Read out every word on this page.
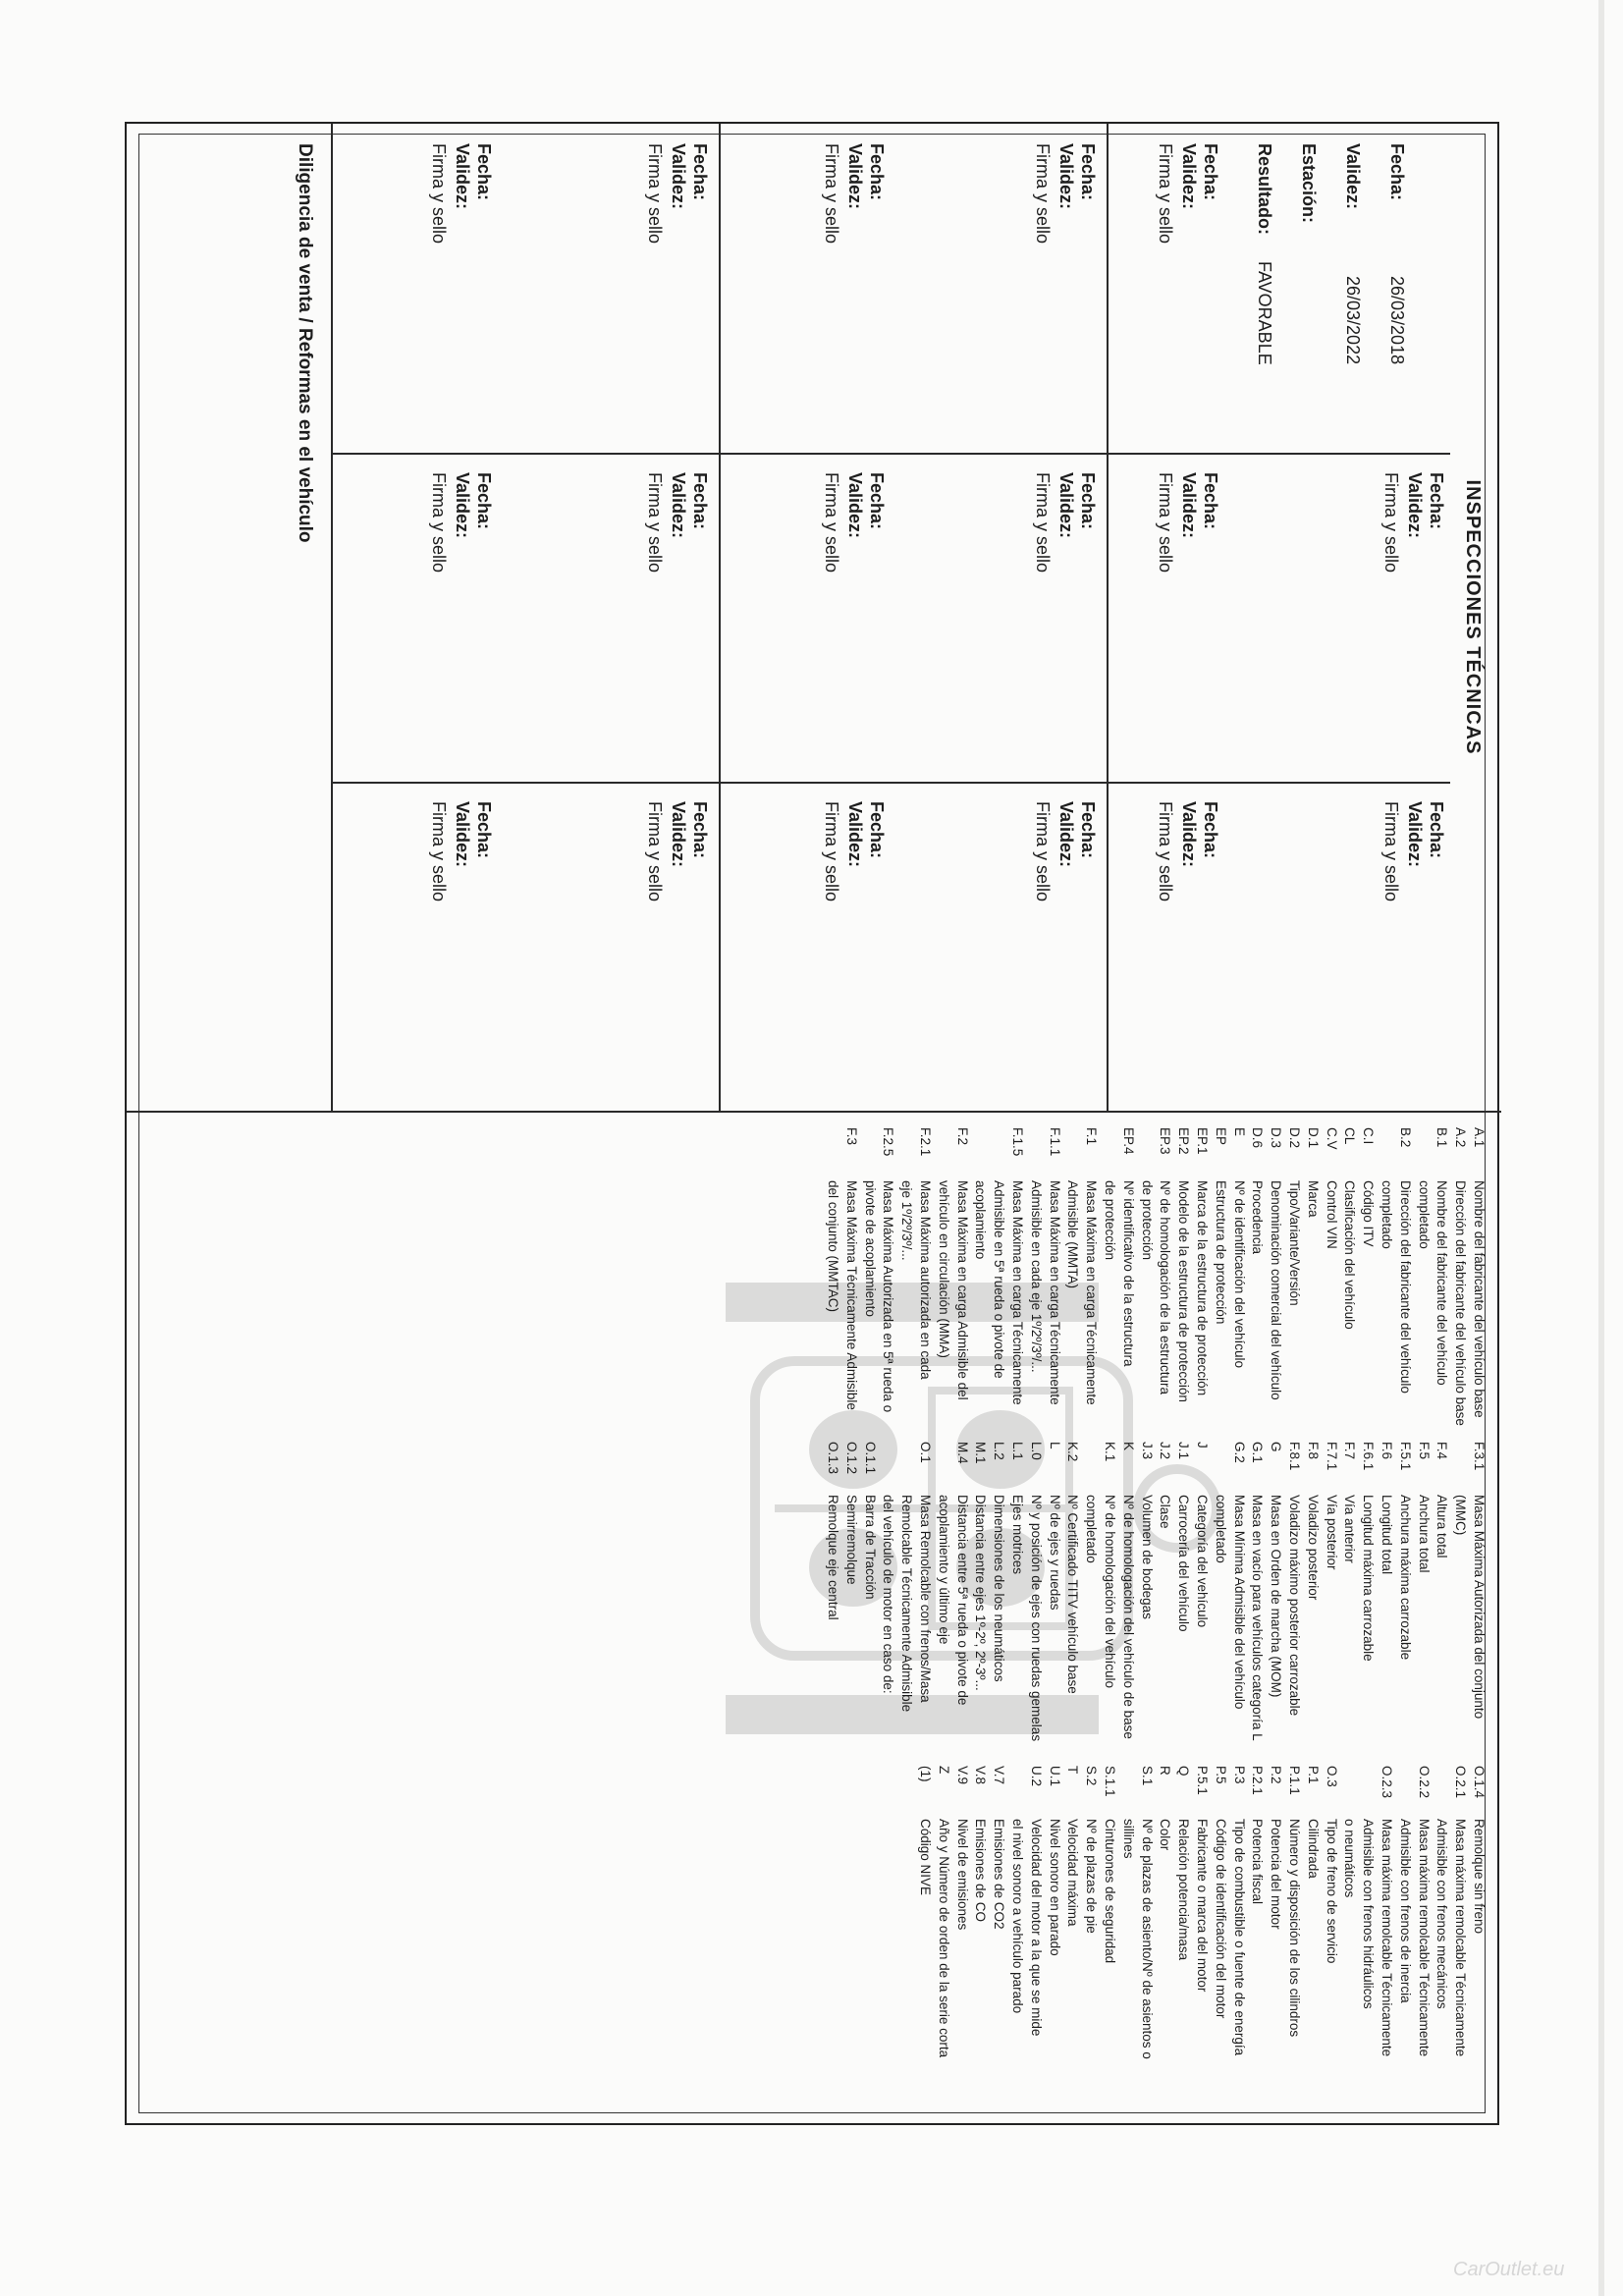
INSPECCIONES TÉCNICAS
Fecha:
26/03/2018
Validez:
26/03/2022
Estación:
Resultado:
FAVORABLE
Fecha:
Validez:
Firma y sello
Fecha:
Validez:
Firma y sello
Fecha:
Validez:
Firma y sello
Fecha:
Validez:
Firma y sello
Fecha:
Validez:
Firma y sello
Fecha:
Validez:
Firma y sello
Fecha:
Validez:
Firma y sello
Fecha:
Validez:
Firma y sello
Fecha:
Validez:
Firma y sello
Fecha:
Validez:
Firma y sello
Fecha:
Validez:
Firma y sello
Fecha:
Validez:
Firma y sello
Fecha:
Validez:
Firma y sello
Fecha:
Validez:
Firma y sello
Fecha:
Validez:
Firma y sello
Fecha:
Validez:
Firma y sello
Fecha:
Validez:
Firma y sello
Diligencia de venta / Reformas en el vehículo
A.1
Nombre del fabricante del vehículo base
A.2
Dirección del fabricante del vehículo base
B.1
Nombre del fabricante del vehículo
completado
B.2
Dirección del fabricante del vehículo
completado
C.I
Código ITV
CL
Clasificación del vehículo
C.V
Control VIN
D.1
Marca
D.2
Tipo/Variante/Versión
D.3
Denominación comercial del vehículo
D.6
Procedencia
E
Nº de identificación del vehículo
EP
Estructura de protección
EP.1
Marca de la estructura de protección
EP.2
Modelo de la estructura de protección
EP.3
Nº de homologación de la estructura
de protección
EP.4
Nº identificativo de la estructura
de protección
F.1
Masa Máxima en carga Técnicamente
Admisible (MMTA)
F.1.1
Masa Máxima en carga Técnicamente
Admisible en cada eje 1º/2º/3º/...
F.1.5
Masa Máxima en carga Técnicamente
Admisible en 5ª rueda o pivote de
acoplamiento
F.2
Masa Máxima en carga Admisible del
vehículo en circulación (MMA)
F.2.1
Masa Máxima autorizada en cada
eje 1º/2º/3º/...
F.2.5
Masa Máxima Autorizada en 5ª rueda o
pivote de acoplamiento
F.3
Masa Máxima Técnicamente Admisible
del conjunto (MMTAC)
F.3.1
Masa Máxima Autorizada del conjunto
(MMC)
F.4
Altura total
F.5
Anchura total
F.5.1
Anchura máxima carrozable
F.6
Longitud total
F.6.1
Longitud máxima carrozable
F.7
Vía anterior
F.7.1
Vía posterior
F.8
Voladizo posterior
F.8.1
Voladizo máximo posterior carrozable
G
Masa en Orden de marcha (MOM)
G.1
Masa en vacío para vehículos categoría L
G.2
Masa Mínima Admisible del vehículo
completado
J
Categoría del vehículo
J.1
Carrocería del vehículo
J.2
Clase
J.3
Volumen de bodegas
K
Nº de homologación del vehículo de base
K.1
Nº de homologación del vehículo
completado
K.2
Nº Certificado TITV vehículo base
L
Nº de ejes y ruedas
L.0
Nº y posición de ejes con ruedas gemelas
L.1
Ejes motrices
L.2
Dimensiones de los neumáticos
M.1
Distancia entre ejes 1º-2º, 2º-3º...
M.4
Distancia entre 5ª rueda o pivote de
acoplamiento y último eje
O.1
Masa Remolcable con frenos/Masa
Remolcable Técnicamente Admisible
del vehículo de motor en caso de:
O.1.1
Barra de Tracción
O.1.2
Semirremolque
O.1.3
Remolque eje central
O.1.4
Remolque sin freno
O.2.1
Masa máxima remolcable Técnicamente
Admisible con frenos mecánicos
O.2.2
Masa máxima remolcable Técnicamente
Admisible con frenos de inercia
O.2.3
Masa máxima remolcable Técnicamente
Admisible con frenos hidráulicos
o neumáticos
O.3
Tipo de freno de servicio
P.1
Cilindrada
P.1.1
Número y disposición de los cilindros
P.2
Potencia del motor
P.2.1
Potencia fiscal
P.3
Tipo de combustible o fuente de energía
P.5
Código de identificación del motor
P.5.1
Fabricante o marca del motor
Q
Relación potencia/masa
R
Color
S.1
Nº de plazas de asiento/Nº de asientos o
sillines
S.1.1
Cinturones de seguridad
S.2
Nº de plazas de pie
T
Velocidad máxima
U.1
Nivel sonoro en parado
U.2
Velocidad del motor a la que se mide
el nivel sonoro a vehículo parado
V.7
Emisiones de CO2
V.8
Emisiones de CO
V.9
Nivel de emisiones
Z
Año y Número de orden de la serie corta
(1)
Código NIVE
CarOutlet.eu
